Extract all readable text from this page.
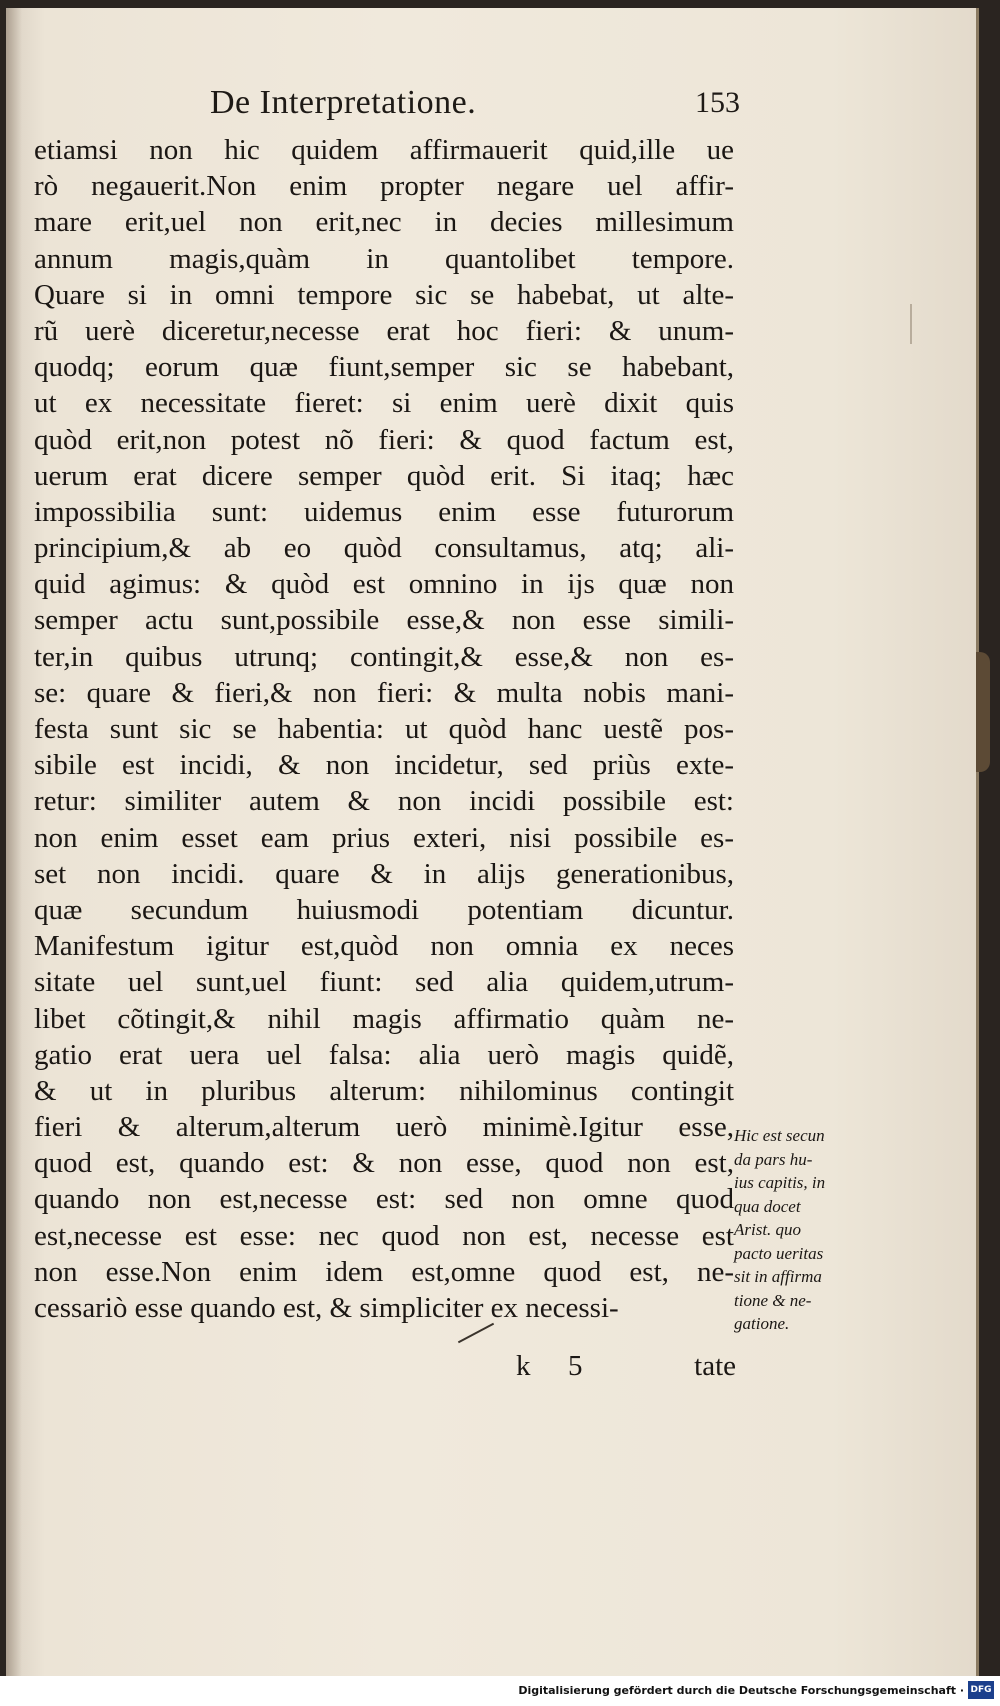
De Interpretatione.	153
etiamsi non hic quidem affirmauerit quid,ille ue
rò negauerit.Non enim propter negare uel affir-
mare erit,uel non erit,nec in decies millesimum
annum magis,quàm in quantolibet tempore.
Quare si in omni tempore sic se habebat, ut alte-
rũ uerè diceretur,necesse erat hoc fieri: & unum-
quodq; eorum quæ fiunt,semper sic se habebant,
ut ex necessitate fieret: si enim uerè dixit quis
quòd erit,non potest nõ fieri: & quod factum est,
uerum erat dicere semper quòd erit. Si itaq; hæc
impossibilia sunt: uidemus enim esse futurorum
principium,& ab eo quòd consultamus, atq; ali-
quid agimus: & quòd est omnino in ijs quæ non
semper actu sunt,possibile esse,& non esse simili-
ter,in quibus utrunq; contingit,& esse,& non es-
se: quare & fieri,& non fieri: & multa nobis mani-
festa sunt sic se habentia: ut quòd hanc uestẽ pos-
sibile est incidi, & non incidetur, sed priùs exte-
retur: similiter autem & non incidi possibile est:
non enim esset eam prius exteri, nisi possibile es-
set non incidi. quare & in alijs generationibus,
quæ secundum huiusmodi potentiam dicuntur.
Manifestum igitur est,quòd non omnia ex neces
sitate uel sunt,uel fiunt: sed alia quidem,utrum-
libet cõtingit,& nihil magis affirmatio quàm ne-
gatio erat uera uel falsa: alia uerò magis quidẽ,
& ut in pluribus alterum: nihilominus contingit
fieri & alterum,alterum uerò minimè.Igitur esse,
quod est, quando est: & non esse, quod non est,
quando non est,necesse est: sed non omne quod
est,necesse est esse: nec quod non est, necesse est
non esse.Non enim idem est,omne quod est, ne-
cessariò esse quando est, & simpliciter ex necessi-
Hic est secun
da pars hu-
ius capitis, in
qua docet
Arist. quo
pacto ueritas
sit in affirma
tione & ne-
gatione.
k 5	tate
Digitalisierung gefördert durch die Deutsche Forschungsgemeinschaft · DFG
